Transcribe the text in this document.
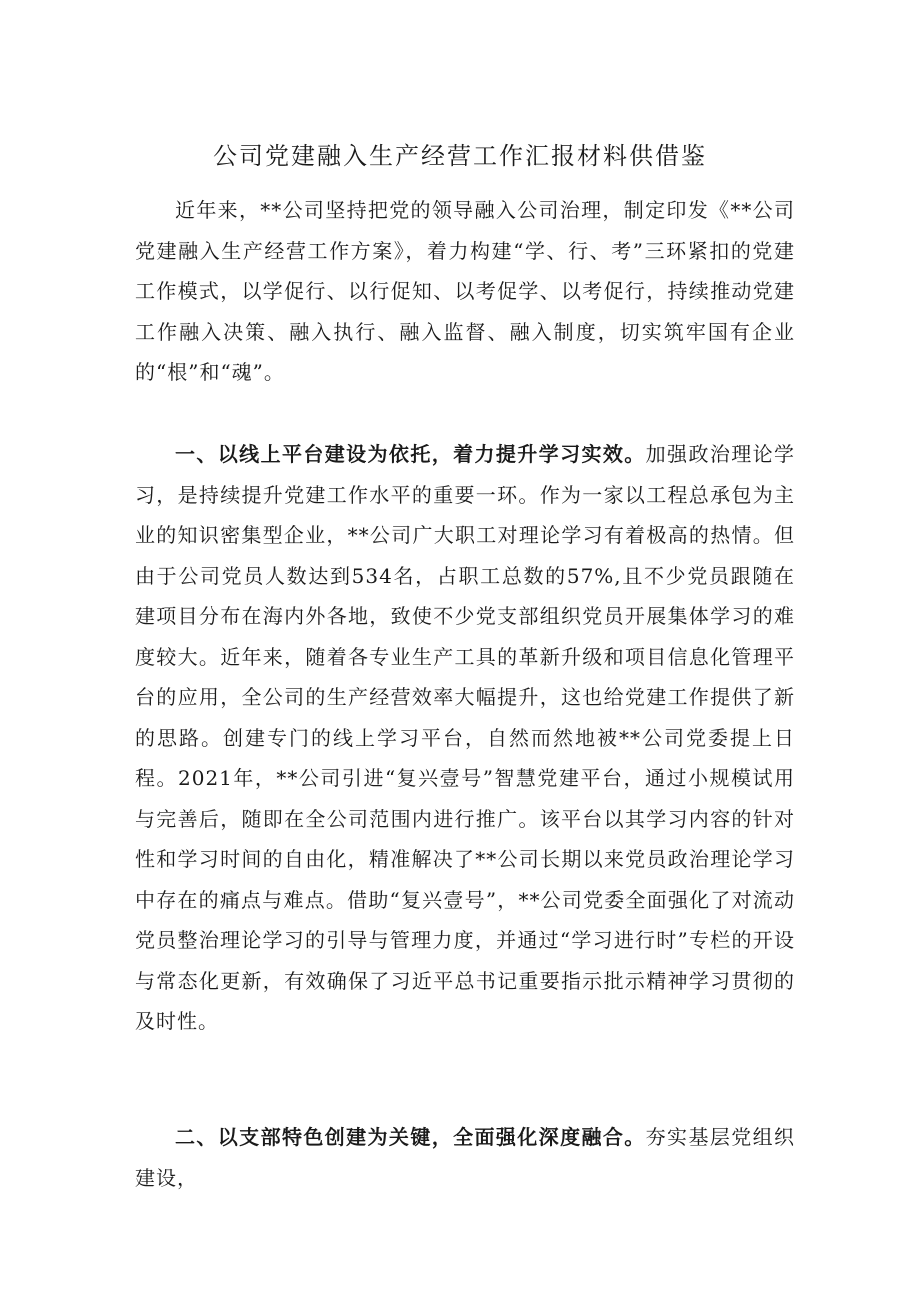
公司党建融入生产经营工作汇报材料供借鉴

近年来，**公司坚持把党的领导融入公司治理，制定印发《**公司党建融入生产经营工作方案》，着力构建“学、行、考”三环紧扣的党建工作模式，以学促行、以行促知、以考促学、以考促行，持续推动党建工作融入决策、融入执行、融入监督、融入制度，切实筑牢国有企业的“根”和“魂”。

一、以线上平台建设为依托，着力提升学习实效。加强政治理论学习，是持续提升党建工作水平的重要一环。作为一家以工程总承包为主业的知识密集型企业，**公司广大职工对理论学习有着极高的热情。但由于公司党员人数达到534名，占职工总数的57%,且不少党员跟随在建项目分布在海内外各地，致使不少党支部组织党员开展集体学习的难度较大。近年来，随着各专业生产工具的革新升级和项目信息化管理平台的应用，全公司的生产经营效率大幅提升，这也给党建工作提供了新的思路。创建专门的线上学习平台，自然而然地被**公司党委提上日程。2021年，**公司引进“复兴壹号”智慧党建平台，通过小规模试用与完善后，随即在全公司范围内进行推广。该平台以其学习内容的针对性和学习时间的自由化，精准解决了**公司长期以来党员政治理论学习中存在的痛点与难点。借助“复兴壹号”，**公司党委全面强化了对流动党员整治理论学习的引导与管理力度，并通过“学习进行时”专栏的开设与常态化更新，有效确保了习近平总书记重要指示批示精神学习贯彻的及时性。

二、以支部特色创建为关键，全面强化深度融合。夯实基层党组织建设，
